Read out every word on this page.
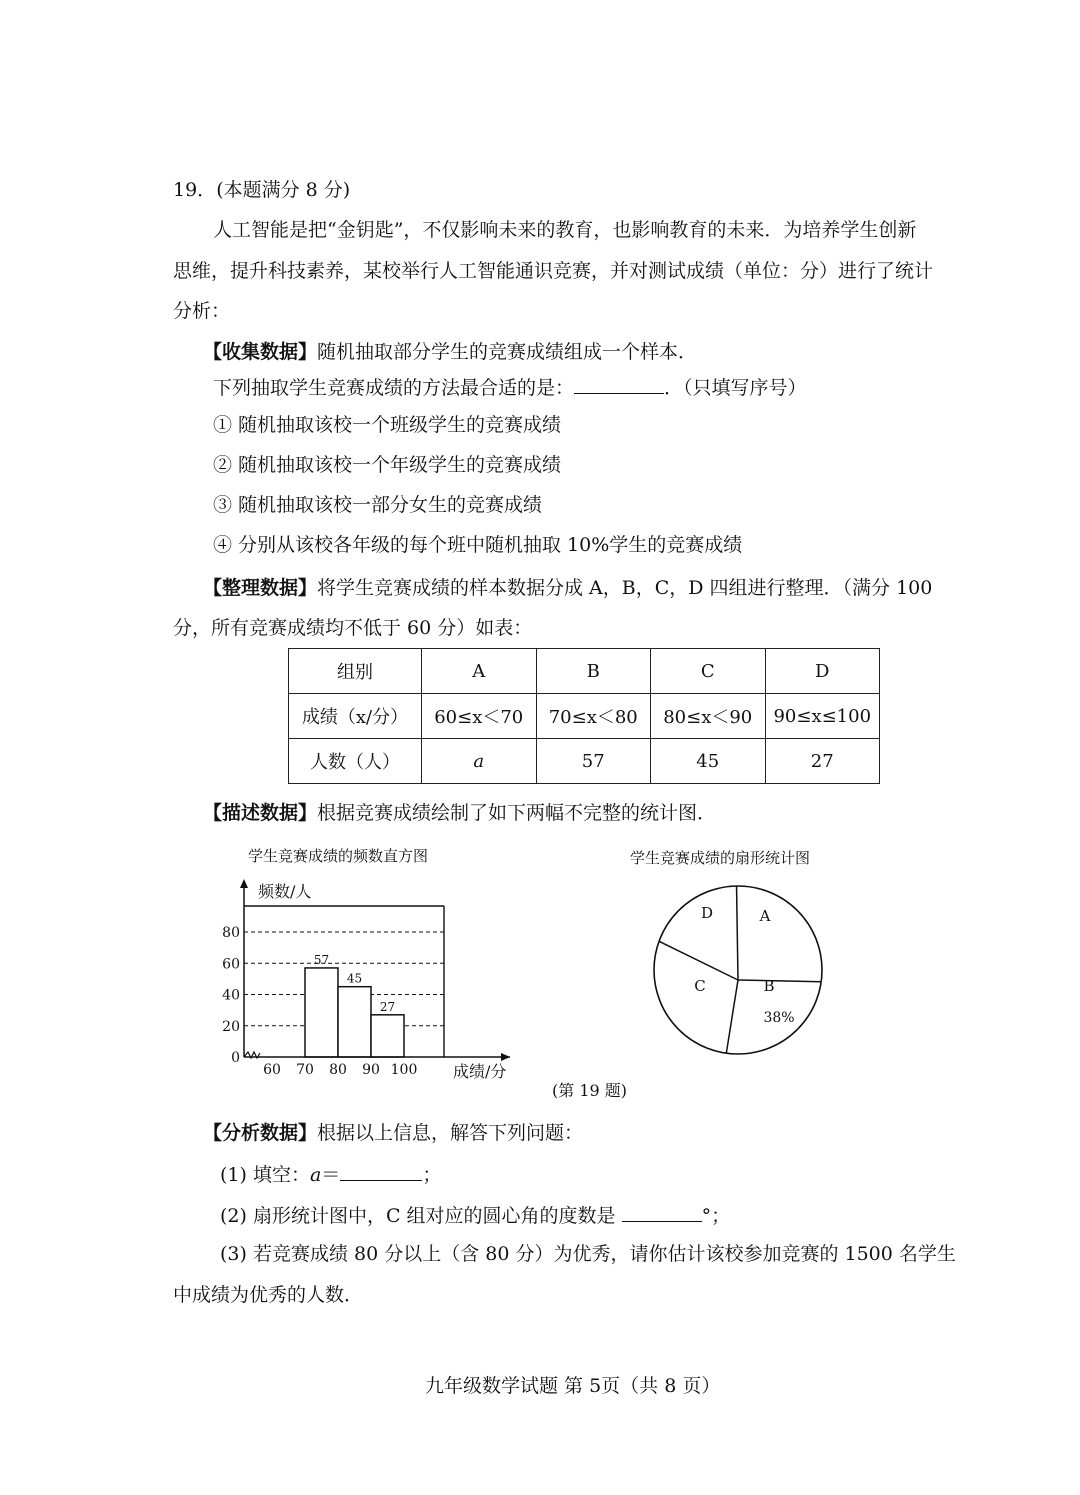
19．(本题满分 8 分)
人工智能是把“金钥匙”，不仅影响未来的教育，也影响教育的未来．为培养学生创新
思维，提升科技素养，某校举行人工智能通识竞赛，并对测试成绩（单位：分）进行了统计
分析：
【收集数据】随机抽取部分学生的竞赛成绩组成一个样本．
下列抽取学生竞赛成绩的方法最合适的是：	．（只填写序号）
① 随机抽取该校一个班级学生的竞赛成绩
② 随机抽取该校一个年级学生的竞赛成绩
③ 随机抽取该校一部分女生的竞赛成绩
④ 分别从该校各年级的每个班中随机抽取 10%学生的竞赛成绩
【整理数据】将学生竞赛成绩的样本数据分成 A，B，C，D 四组进行整理．（满分 100
分，所有竞赛成绩均不低于 60 分）如表：
组别	A	B	C	D
成绩（x/分）	60≤x＜70	70≤x＜80	80≤x＜90	90≤x≤100
人数（人）	a	57	45	27
【描述数据】根据竞赛成绩绘制了如下两幅不完整的统计图．
学生竞赛成绩的频数直方图
频数/人
成绩/分
0
20
40
60
80
57
45
27
60 70 80 90 100
学生竞赛成绩的扇形统计图
A
B
38%
C
D
(第 19 题)
【分析数据】根据以上信息，解答下列问题：
(1) 填空：a＝	；
(2) 扇形统计图中，C 组对应的圆心角的度数是	°；
(3) 若竞赛成绩 80 分以上（含 80 分）为优秀，请你估计该校参加竞赛的 1500 名学生
中成绩为优秀的人数．
九年级数学试题 第 5页（共 8 页）
